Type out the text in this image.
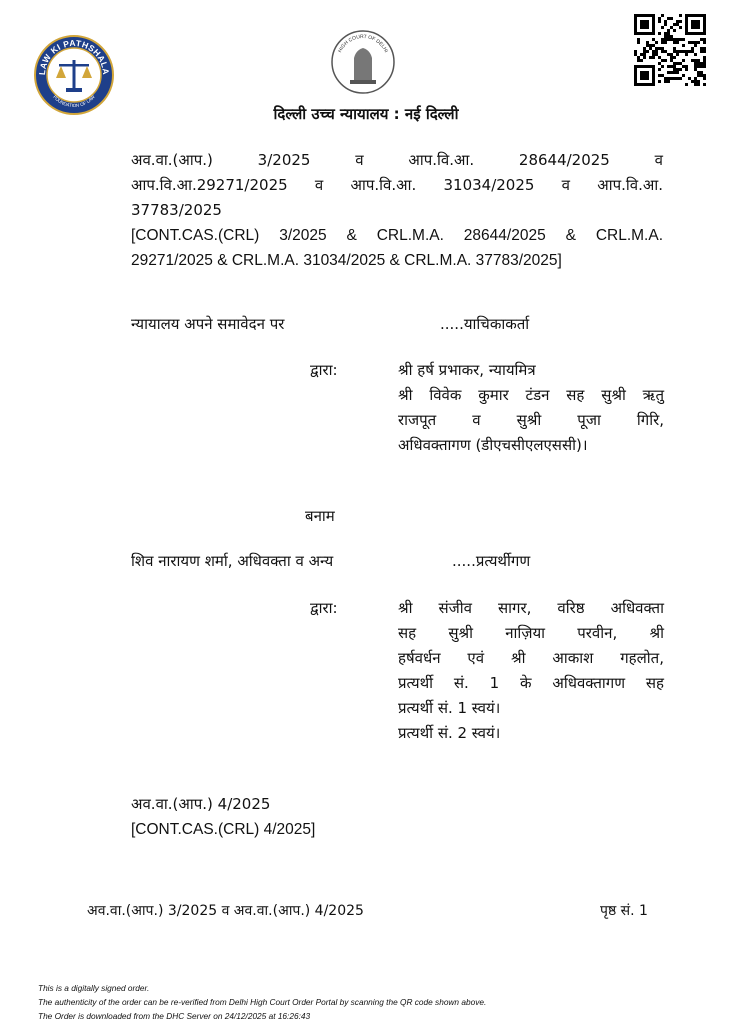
LAW KI PATHSHALA
FOUNDATION OF LAW
HIGH COURT OF DELHI
दिल्ली उच्च न्यायालय : नई दिल्ली
अव.वा.(आप.) 3/2025 व आप.वि.आ. 28644/2025 व
आप.वि.आ.29271/2025 व आप.वि.आ. 31034/2025 व आप.वि.आ.
37783/2025
[CONT.CAS.(CRL) 3/2025 & CRL.M.A. 28644/2025 & CRL.M.A.
29271/2025 & CRL.M.A. 31034/2025 & CRL.M.A. 37783/2025]
न्यायालय अपने समावेदन पर	.....याचिकाकर्ता
द्वारा:	श्री हर्ष प्रभाकर, न्यायमित्र
श्री विवेक कुमार टंडन सह सुश्री ऋतु
राजपूत व सुश्री पूजा गिरि,
अधिवक्तागण (डीएचसीएलएससी)।
बनाम
शिव नारायण शर्मा, अधिवक्ता व अन्य	.....प्रत्यर्थीगण
द्वारा:	श्री संजीव सागर, वरिष्ठ अधिवक्ता
सह सुश्री नाज़िया परवीन, श्री
हर्षवर्धन एवं श्री आकाश गहलोत,
प्रत्यर्थी सं. 1 के अधिवक्तागण सह
प्रत्यर्थी सं. 1 स्वयं।
प्रत्यर्थी सं. 2 स्वयं।
अव.वा.(आप.) 4/2025
[CONT.CAS.(CRL) 4/2025]
अव.वा.(आप.) 3/2025 व अव.वा.(आप.) 4/2025	पृष्ठ सं. 1
This is a digitally signed order.
The authenticity of the order can be re-verified from Delhi High Court Order Portal by scanning the QR code shown above.
The Order is downloaded from the DHC Server on 24/12/2025 at 16:26:43
